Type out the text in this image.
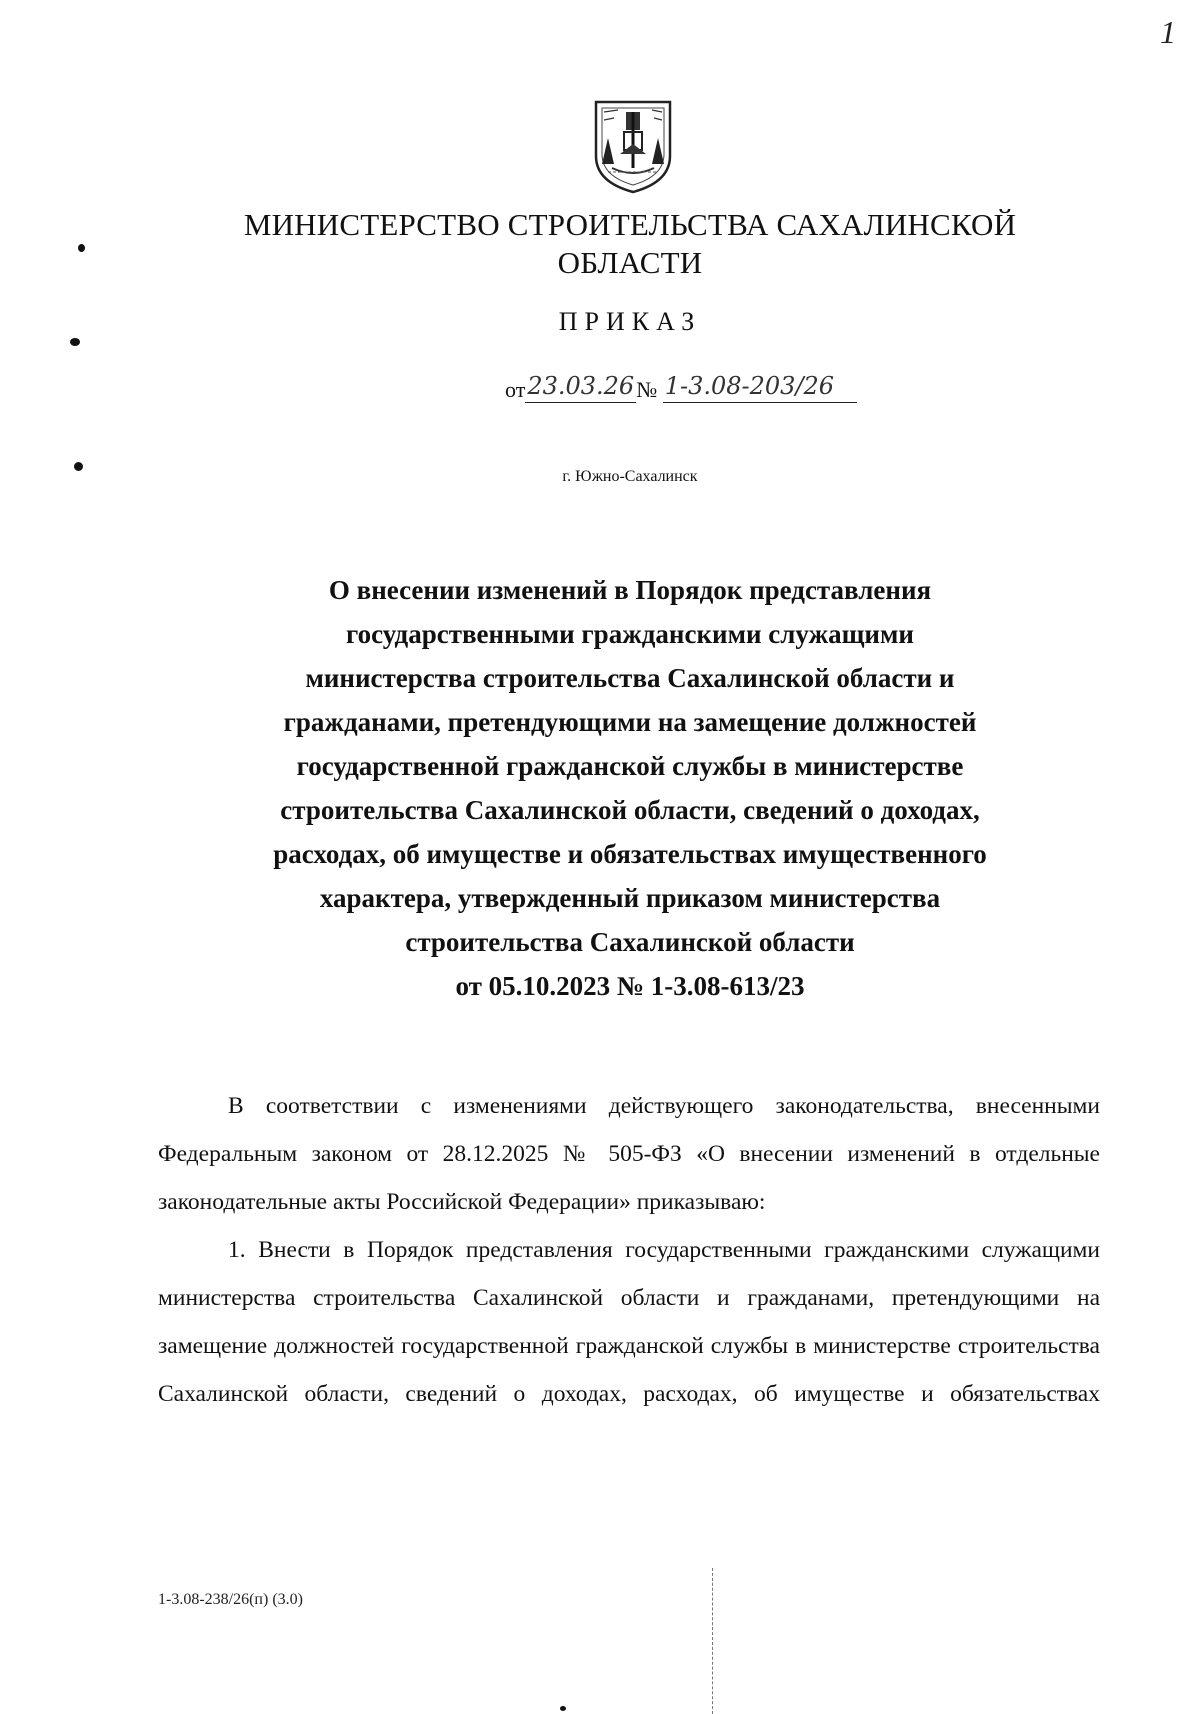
1
МИНИСТЕРСТВО СТРОИТЕЛЬСТВА САХАЛИНСКОЙ
ОБЛАСТИ
ПРИКАЗ
от23.03.26№ 1-3.08-203/26
г. Южно-Сахалинск
О внесении изменений в Порядок представления
государственными гражданскими служащими
министерства строительства Сахалинской области и
гражданами, претендующими на замещение должностей
государственной гражданской службы в министерстве
строительства Сахалинской области, сведений о доходах,
расходах, об имуществе и обязательствах имущественного
характера, утвержденный приказом министерства
строительства Сахалинской области
от 05.10.2023 № 1-3.08-613/23

В соответствии с изменениями действующего законодательства, внесенными Федеральным законом от 28.12.2025 № 505-ФЗ «О внесении изменений в отдельные законодательные акты Российской Федерации» приказываю:

1. Внести в Порядок представления государственными гражданскими служащими министерства строительства Сахалинской области и гражданами, претендующими на замещение должностей государственной гражданской службы в министерстве строительства Сахалинской области, сведений о доходах, расходах, об имуществе и обязательствах

1-3.08-238/26(п) (3.0)
